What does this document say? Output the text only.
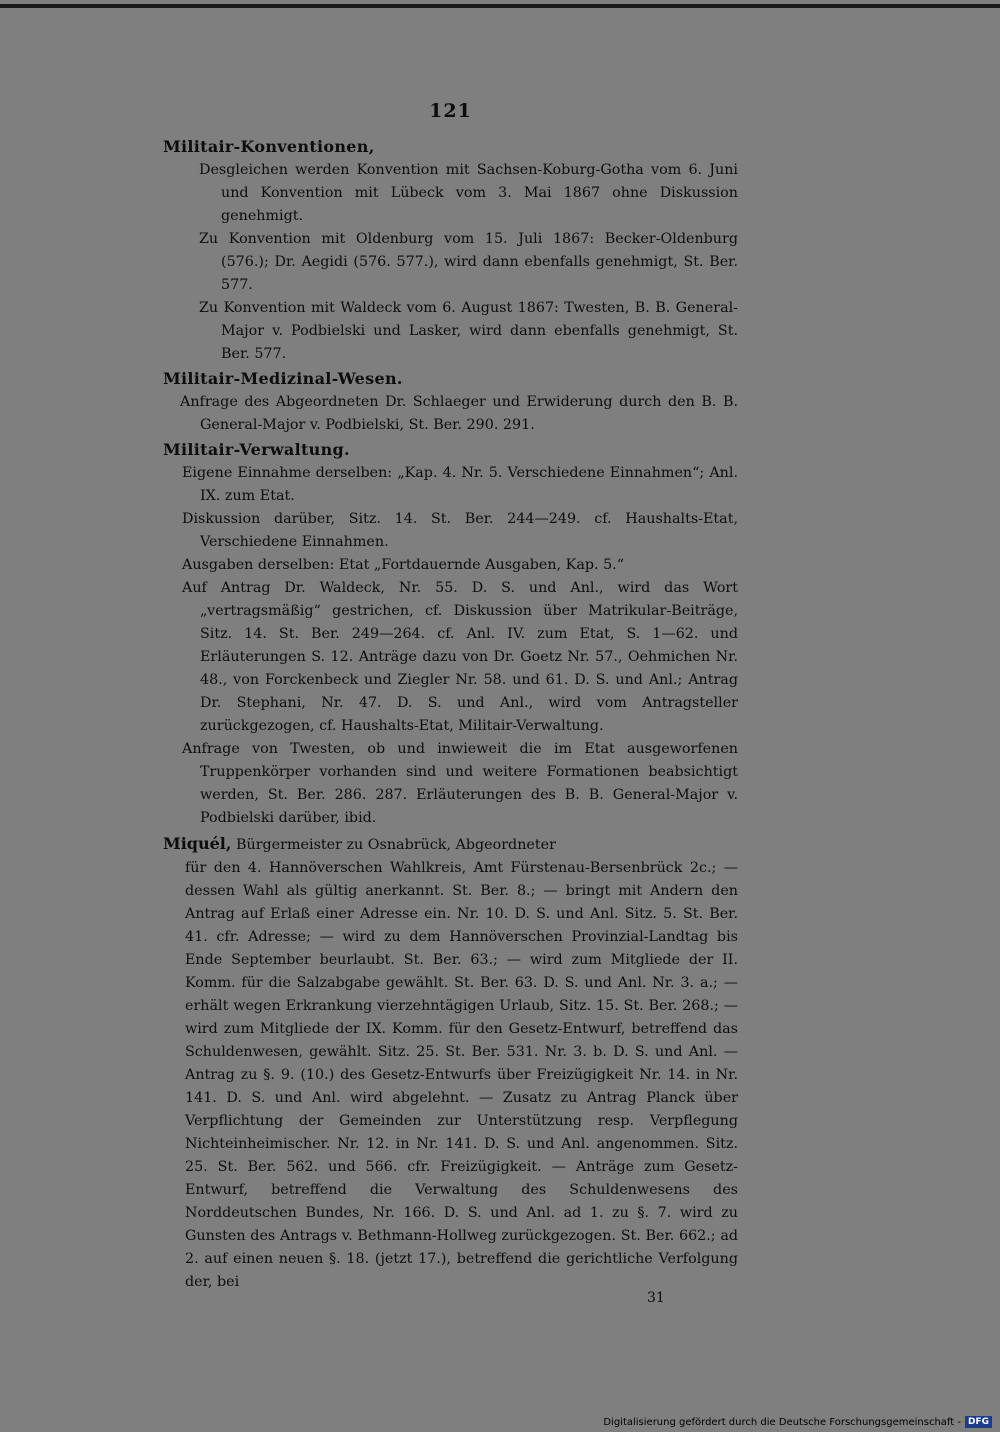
121
Militair-Konventionen,
Desgleichen werden Konvention mit Sachsen-Koburg-Gotha vom 6. Juni und Konvention mit Lübeck vom 3. Mai 1867 ohne Diskussion genehmigt.
Zu Konvention mit Oldenburg vom 15. Juli 1867: Becker-Oldenburg (576.); Dr. Aegidi (576. 577.), wird dann ebenfalls genehmigt, St. Ber. 577.
Zu Konvention mit Waldeck vom 6. August 1867: Twesten, B. B. General-Major v. Podbielski und Lasker, wird dann ebenfalls genehmigt, St. Ber. 577.
Militair-Medizinal-Wesen.
Anfrage des Abgeordneten Dr. Schlaeger und Erwiderung durch den B. B. General-Major v. Podbielski, St. Ber. 290. 291.
Militair-Verwaltung.
Eigene Einnahme derselben: „Kap. 4. Nr. 5. Verschiedene Einnahmen“; Anl. IX. zum Etat.
Diskussion darüber, Sitz. 14. St. Ber. 244—249. cf. Haushalts-Etat, Verschiedene Einnahmen.
Ausgaben derselben: Etat „Fortdauernde Ausgaben, Kap. 5.“
Auf Antrag Dr. Waldeck, Nr. 55. D. S. und Anl., wird das Wort „vertragsmäßig“ gestrichen, cf. Diskussion über Matrikular-Beiträge, Sitz. 14. St. Ber. 249—264. cf. Anl. IV. zum Etat, S. 1—62. und Erläuterungen S. 12. Anträge dazu von Dr. Goetz Nr. 57., Oehmichen Nr. 48., von Forckenbeck und Ziegler Nr. 58. und 61. D. S. und Anl.; Antrag Dr. Stephani, Nr. 47. D. S. und Anl., wird vom Antragsteller zurückgezogen, cf. Haushalts-Etat, Militair-Verwaltung.
Anfrage von Twesten, ob und inwieweit die im Etat ausgeworfenen Truppenkörper vorhanden sind und weitere Formationen beabsichtigt werden, St. Ber. 286. 287. Erläuterungen des B. B. General-Major v. Podbielski darüber, ibid.
Miquél, Bürgermeister zu Osnabrück, Abgeordneter
für den 4. Hannöverschen Wahlkreis, Amt Fürstenau-Bersenbrück 2c.; — dessen Wahl als gültig anerkannt. St. Ber. 8.; — bringt mit Andern den Antrag auf Erlaß einer Adresse ein. Nr. 10. D. S. und Anl. Sitz. 5. St. Ber. 41. cfr. Adresse; — wird zu dem Hannöverschen Provinzial-Landtag bis Ende September beurlaubt. St. Ber. 63.; — wird zum Mitgliede der II. Komm. für die Salzabgabe gewählt. St. Ber. 63. D. S. und Anl. Nr. 3. a.; — erhält wegen Erkrankung vierzehntägigen Urlaub, Sitz. 15. St. Ber. 268.; — wird zum Mitgliede der IX. Komm. für den Gesetz-Entwurf, betreffend das Schuldenwesen, gewählt. Sitz. 25. St. Ber. 531. Nr. 3. b. D. S. und Anl. — Antrag zu §. 9. (10.) des Gesetz-Entwurfs über Freizügigkeit Nr. 14. in Nr. 141. D. S. und Anl. wird abgelehnt. — Zusatz zu Antrag Planck über Verpflichtung der Gemeinden zur Unterstützung resp. Verpflegung Nichteinheimischer. Nr. 12. in Nr. 141. D. S. und Anl. angenommen. Sitz. 25. St. Ber. 562. und 566. cfr. Freizügigkeit. — Anträge zum Gesetz-Entwurf, betreffend die Verwaltung des Schuldenwesens des Norddeutschen Bundes, Nr. 166. D. S. und Anl. ad 1. zu §. 7. wird zu Gunsten des Antrags v. Bethmann-Hollweg zurückgezogen. St. Ber. 662.; ad 2. auf einen neuen §. 18. (jetzt 17.), betreffend die gerichtliche Verfolgung der, bei
31
Digitalisierung gefördert durch die Deutsche Forschungsgemeinschaft - DFG
